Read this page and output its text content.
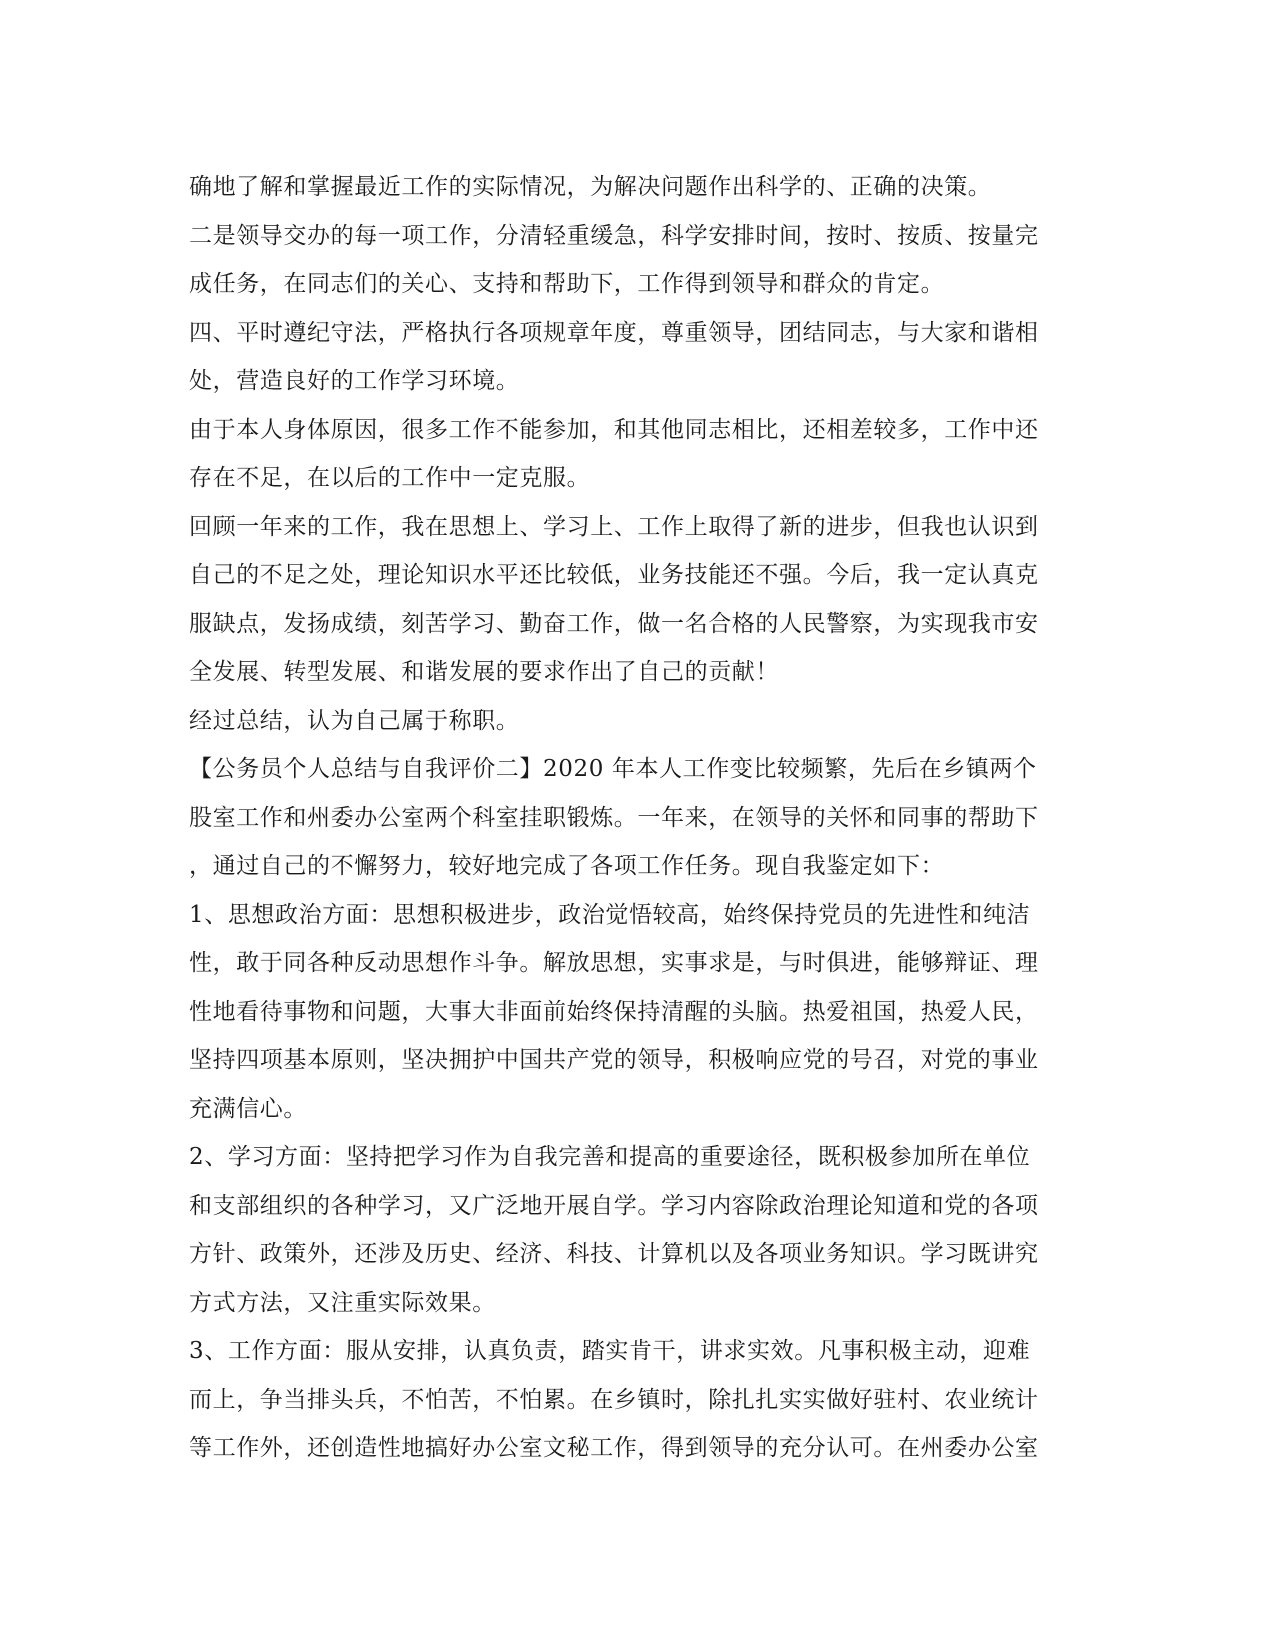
确地了解和掌握最近工作的实际情况，为解决问题作出科学的、正确的决策。
二是领导交办的每一项工作，分清轻重缓急，科学安排时间，按时、按质、按量完
成任务，在同志们的关心、支持和帮助下，工作得到领导和群众的肯定。
四、平时遵纪守法，严格执行各项规章年度，尊重领导，团结同志，与大家和谐相
处，营造良好的工作学习环境。
由于本人身体原因，很多工作不能参加，和其他同志相比，还相差较多，工作中还
存在不足，在以后的工作中一定克服。
回顾一年来的工作，我在思想上、学习上、工作上取得了新的进步，但我也认识到
自己的不足之处，理论知识水平还比较低，业务技能还不强。今后，我一定认真克
服缺点，发扬成绩，刻苦学习、勤奋工作，做一名合格的人民警察，为实现我市安
全发展、转型发展、和谐发展的要求作出了自己的贡献！
经过总结，认为自己属于称职。
【公务员个人总结与自我评价二】2020 年本人工作变比较频繁，先后在乡镇两个
股室工作和州委办公室两个科室挂职锻炼。一年来，在领导的关怀和同事的帮助下
，通过自己的不懈努力，较好地完成了各项工作任务。现自我鉴定如下：
1、思想政治方面：思想积极进步，政治觉悟较高，始终保持党员的先进性和纯洁
性，敢于同各种反动思想作斗争。解放思想，实事求是，与时俱进，能够辩证、理
性地看待事物和问题，大事大非面前始终保持清醒的头脑。热爱祖国，热爱人民，
坚持四项基本原则，坚决拥护中国共产党的领导，积极响应党的号召，对党的事业
充满信心。
2、学习方面：坚持把学习作为自我完善和提高的重要途径，既积极参加所在单位
和支部组织的各种学习，又广泛地开展自学。学习内容除政治理论知道和党的各项
方针、政策外，还涉及历史、经济、科技、计算机以及各项业务知识。学习既讲究
方式方法，又注重实际效果。
3、工作方面：服从安排，认真负责，踏实肯干，讲求实效。凡事积极主动，迎难
而上，争当排头兵，不怕苦，不怕累。在乡镇时，除扎扎实实做好驻村、农业统计
等工作外，还创造性地搞好办公室文秘工作，得到领导的充分认可。在州委办公室
